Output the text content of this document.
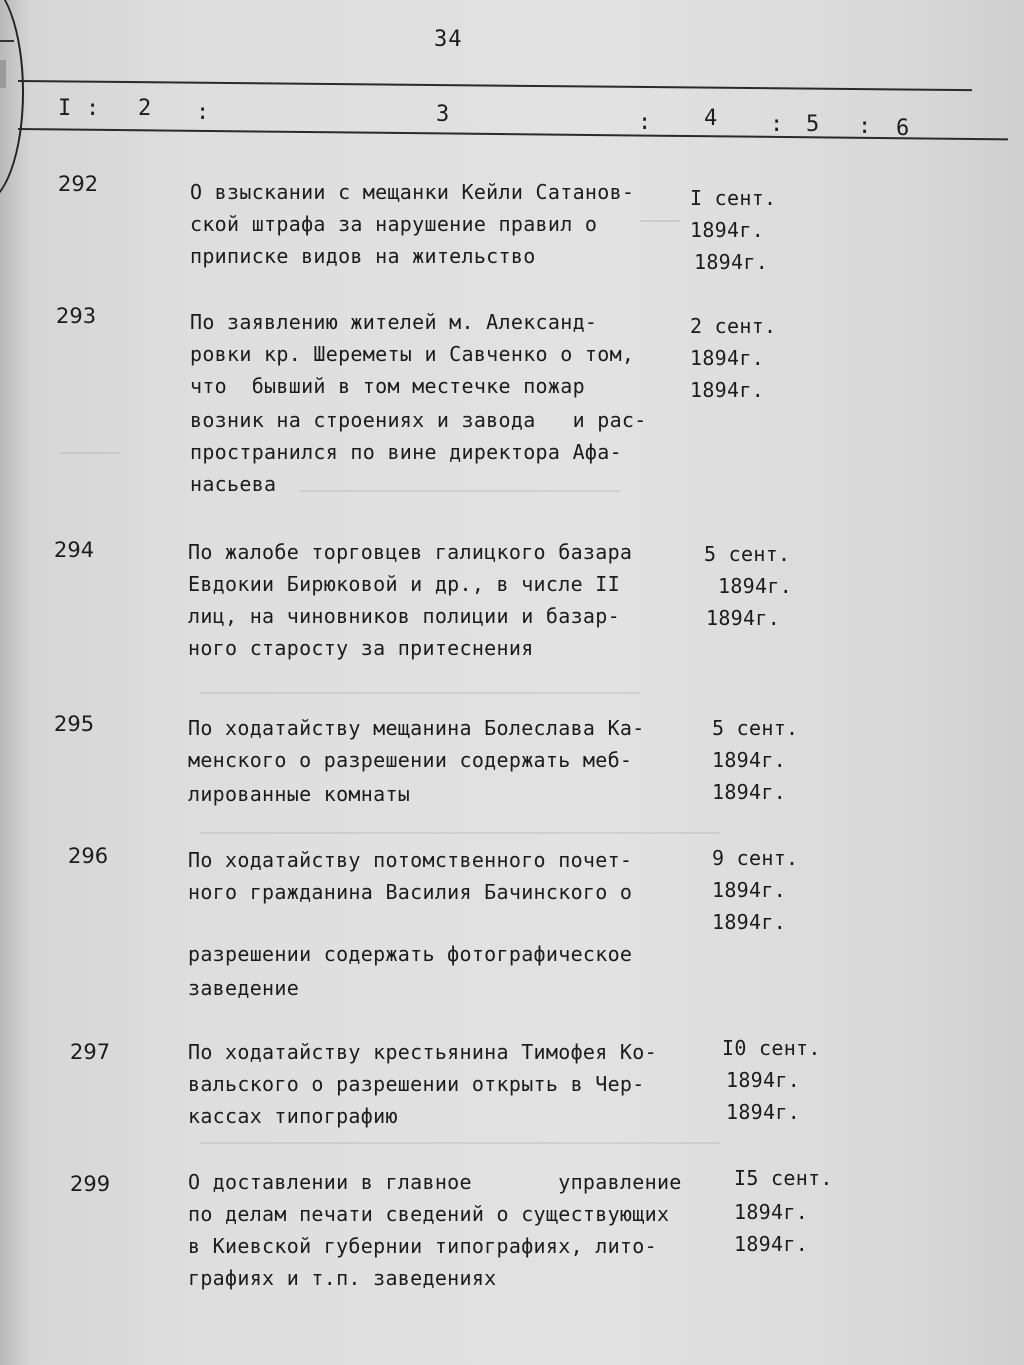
34
I : 2 :	3	: 4 : 5 : 6
292	О взыскании с мещанки Кейли Сатанов-
ской штрафа за нарушение правил о
приписке видов на жительство
I сент.
1894г.
1894г.
293	По заявлению жителей м. Александ-
ровки кр. Шереметы и Савченко о том,
что  бывший в том местечке пожар
возник на строениях и завода   и рас-
пространился по вине директора Афа-
насьева
2 сент.
1894г.
1894г.
294	По жалобе торговцев галицкого базара
Евдокии Бирюковой и др., в числе II
лиц, на чиновников полиции и базар-
ного старосту за притеснения
5 сент.
1894г.
1894г.
295	По ходатайству мещанина Болеслава Ка-
менского о разрешении содержать меб-
лированные комнаты
5 сент.
1894г.
1894г.
296	По ходатайству потомственного почет-
ного гражданина Василия Бачинского о
разрешении содержать фотографическое
заведение
9 сент.
1894г.
1894г.
297	По ходатайству крестьянина Тимофея Ко-
вальского о разрешении открыть в Чер-
кассах типографию
I0 сент.
1894г.
1894г.
299	О доставлении в главное       управление
по делам печати сведений о существующих
в Киевской губернии типографиях, лито-
графиях и т.п. заведениях
I5 сент.
1894г.
1894г.
